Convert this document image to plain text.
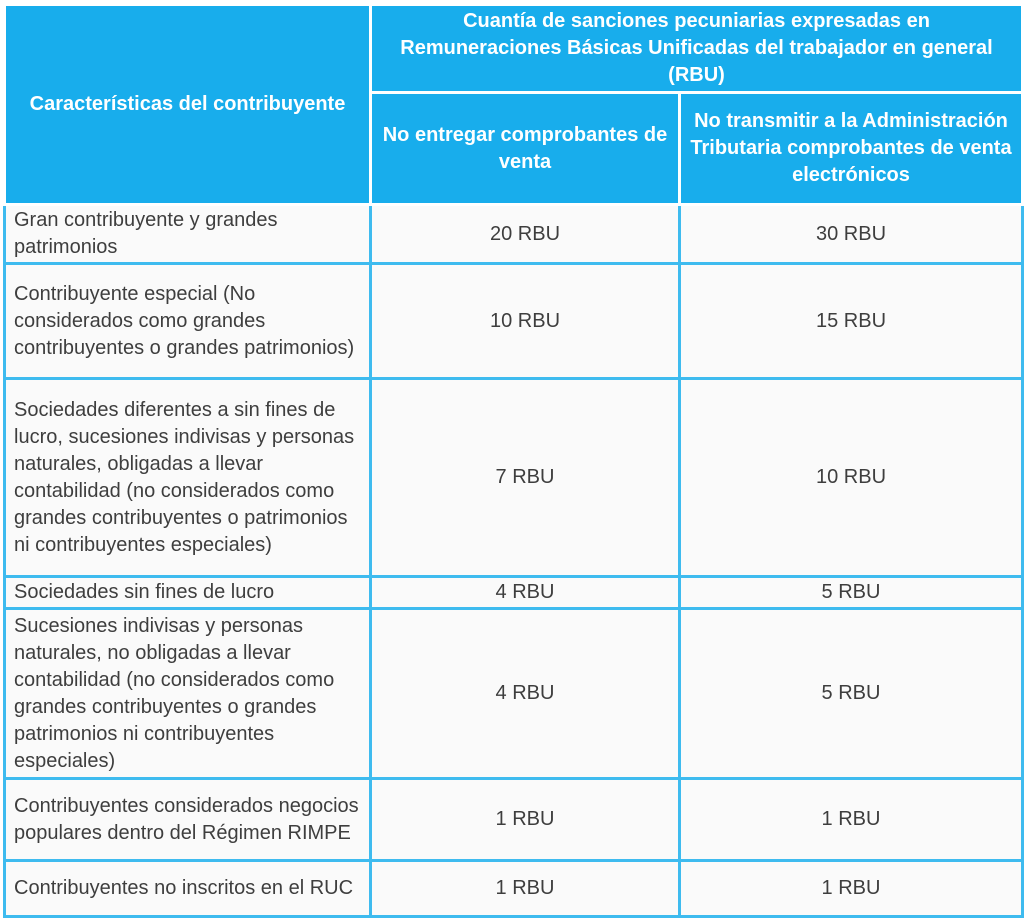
Características del contribuyente	Cuantía de sanciones pecuniarias expresadas en Remuneraciones Básicas Unificadas del trabajador en general (RBU)	
	No entregar comprobantes de venta	No transmitir a la Administración Tributaria comprobantes de venta electrónicos
Gran contribuyente y grandes patrimonios	20 RBU	30 RBU
Contribuyente especial (No considerados como grandes contribuyentes o grandes patrimonios)	10 RBU	15 RBU
Sociedades diferentes a sin fines de lucro, sucesiones indivisas y personas naturales, obligadas a llevar contabilidad (no considerados como grandes contribuyentes o patrimonios ni contribuyentes especiales)	7 RBU	10 RBU
Sociedades sin fines de lucro	4 RBU	5 RBU
Sucesiones indivisas y personas naturales, no obligadas a llevar contabilidad (no considerados como grandes contribuyentes o grandes patrimonios ni contribuyentes especiales)	4 RBU	5 RBU
Contribuyentes considerados negocios populares dentro del Régimen RIMPE	1 RBU	1 RBU
Contribuyentes no inscritos en el RUC	1 RBU	1 RBU
